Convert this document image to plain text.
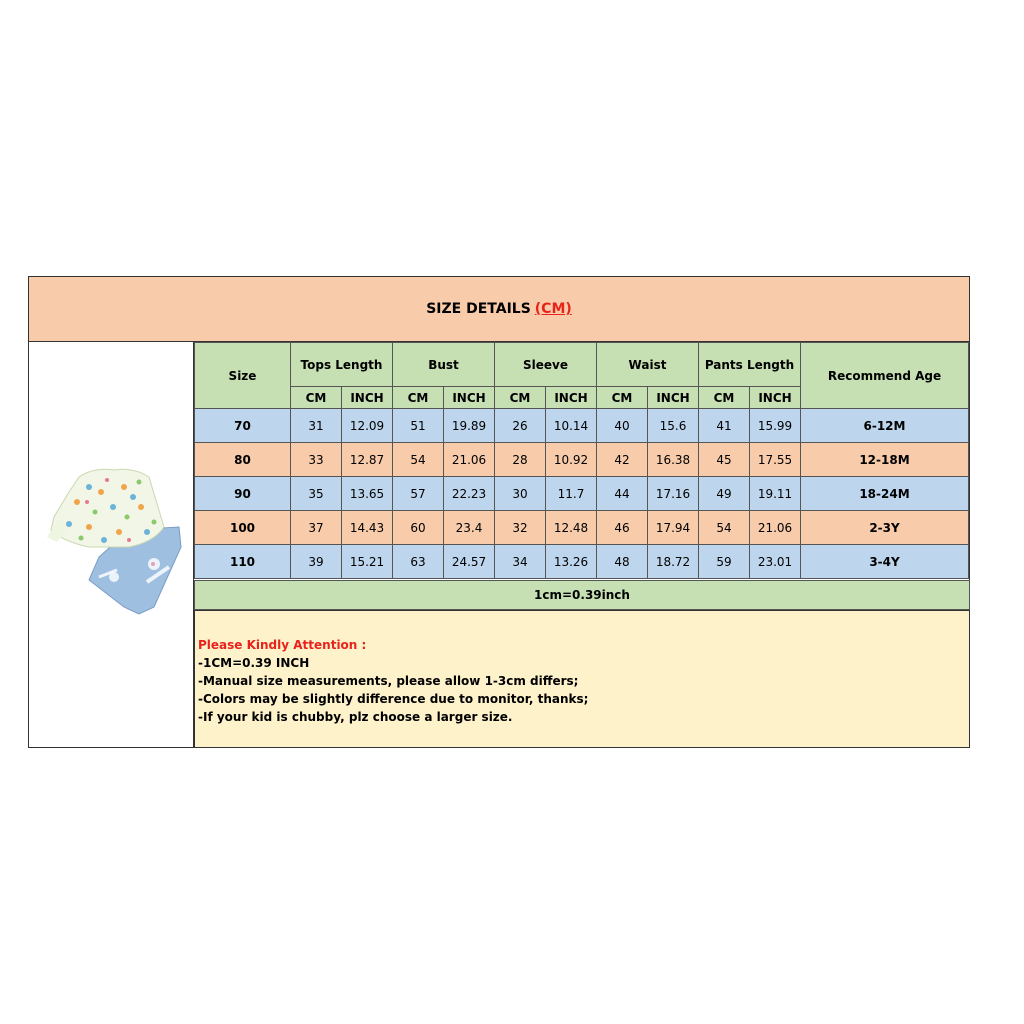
SIZE DETAILS (CM)
Size	Tops Length		Bust		Sleeve		Waist		Pants Length		Recommend Age
	CM	INCH	CM	INCH	CM	INCH	CM	INCH	CM	INCH	
70	31	12.09	51	19.89	26	10.14	40	15.6	41	15.99	6-12M
80	33	12.87	54	21.06	28	10.92	42	16.38	45	17.55	12-18M
90	35	13.65	57	22.23	30	11.7	44	17.16	49	19.11	18-24M
100	37	14.43	60	23.4	32	12.48	46	17.94	54	21.06	2-3Y
110	39	15.21	63	24.57	34	13.26	48	18.72	59	23.01	3-4Y
1cm=0.39inch
Please Kindly Attention :
-1CM=0.39 INCH
-Manual size measurements, please allow 1-3cm differs;
-Colors may be slightly difference due to monitor, thanks;
-If your kid is chubby, plz choose a larger size.
